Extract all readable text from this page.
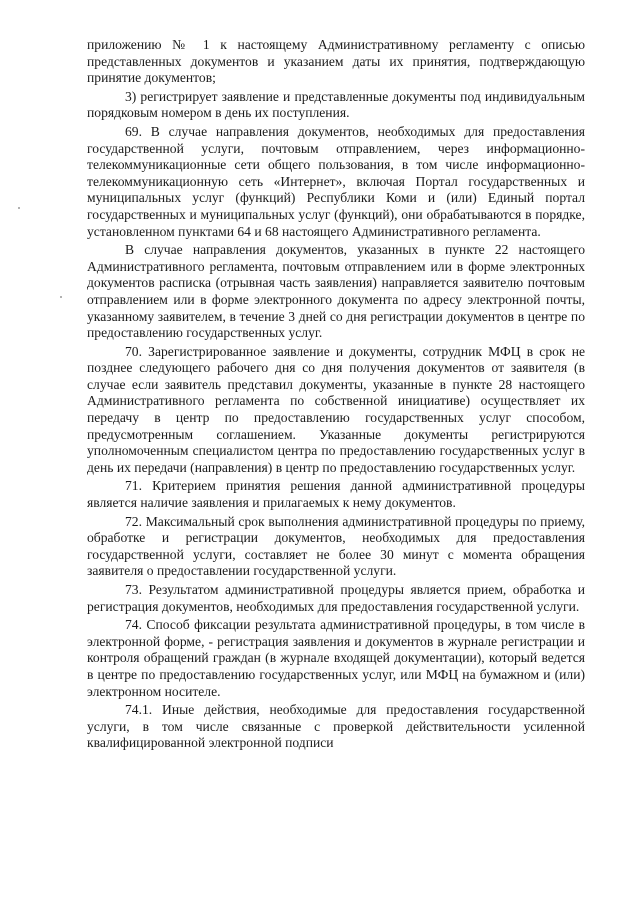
приложению № 1 к настоящему Административному регламенту с описью представленных документов и указанием даты их принятия, подтверждающую принятие документов;

3) регистрирует заявление и представленные документы под индивидуальным порядковым номером в день их поступления.

69. В случае направления документов, необходимых для предоставления государственной услуги, почтовым отправлением, через информационно-телекоммуникационные сети общего пользования, в том числе информационно-телекоммуникационную сеть «Интернет», включая Портал государственных и муниципальных услуг (функций) Республики Коми и (или) Единый портал государственных и муниципальных услуг (функций), они обрабатываются в порядке, установленном пунктами 64 и 68 настоящего Административного регламента.

В случае направления документов, указанных в пункте 22 настоящего Административного регламента, почтовым отправлением или в форме электронных документов расписка (отрывная часть заявления) направляется заявителю почтовым отправлением или в форме электронного документа по адресу электронной почты, указанному заявителем, в течение 3 дней со дня регистрации документов в центре по предоставлению государственных услуг.

70. Зарегистрированное заявление и документы, сотрудник МФЦ в срок не позднее следующего рабочего дня со дня получения документов от заявителя (в случае если заявитель представил документы, указанные в пункте 28 настоящего Административного регламента по собственной инициативе) осуществляет их передачу в центр по предоставлению государственных услуг способом, предусмотренным соглашением. Указанные документы регистрируются уполномоченным специалистом центра по предоставлению государственных услуг в день их передачи (направления) в центр по предоставлению государственных услуг.

71. Критерием принятия решения данной административной процедуры является наличие заявления и прилагаемых к нему документов.

72. Максимальный срок выполнения административной процедуры по приему, обработке и регистрации документов, необходимых для предоставления государственной услуги, составляет не более 30 минут с момента обращения заявителя о предоставлении государственной услуги.

73. Результатом административной процедуры является прием, обработка и регистрация документов, необходимых для предоставления государственной услуги.

74. Способ фиксации результата административной процедуры, в том числе в электронной форме, - регистрация заявления и документов в журнале регистрации и контроля обращений граждан (в журнале входящей документации), который ведется в центре по предоставлению государственных услуг, или МФЦ на бумажном и (или) электронном носителе.

74.1. Иные действия, необходимые для предоставления государственной услуги, в том числе связанные с проверкой действительности усиленной квалифицированной электронной подписи
